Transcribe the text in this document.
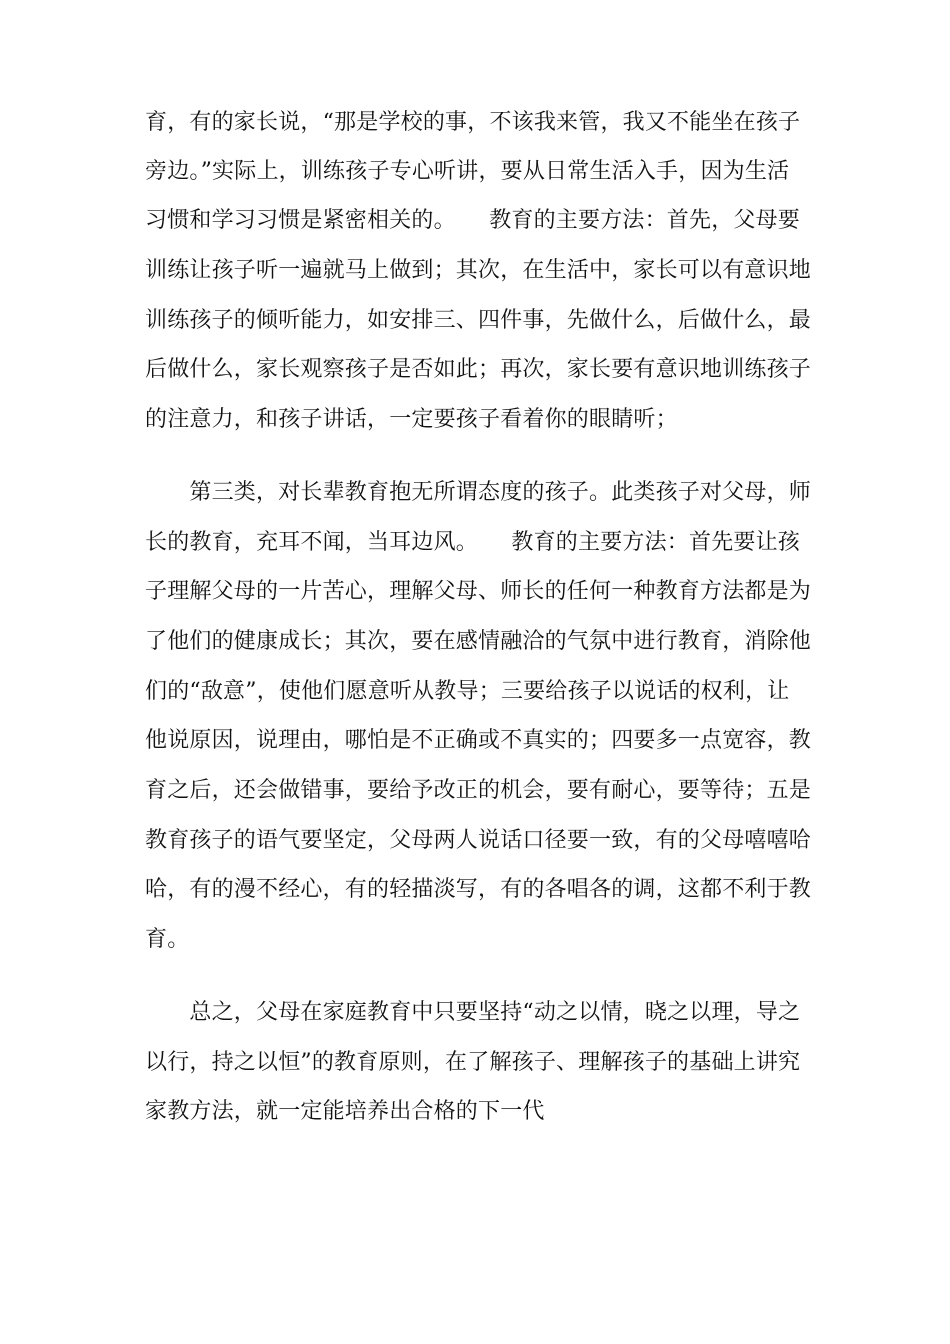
育，有的家长说，“那是学校的事，不该我来管，我又不能坐在孩子
旁边。”实际上，训练孩子专心听讲，要从日常生活入手，因为生活
习惯和学习习惯是紧密相关的。　　教育的主要方法：首先，父母要
训练让孩子听一遍就马上做到；其次，在生活中，家长可以有意识地
训练孩子的倾听能力，如安排三、四件事，先做什么，后做什么，最
后做什么，家长观察孩子是否如此；再次，家长要有意识地训练孩子
的注意力，和孩子讲话，一定要孩子看着你的眼睛听；
　　第三类，对长辈教育抱无所谓态度的孩子。此类孩子对父母，师
长的教育，充耳不闻，当耳边风。　　教育的主要方法：首先要让孩
子理解父母的一片苦心，理解父母、师长的任何一种教育方法都是为
了他们的健康成长；其次，要在感情融洽的气氛中进行教育，消除他
们的“敌意”，使他们愿意听从教导；三要给孩子以说话的权利，让
他说原因，说理由，哪怕是不正确或不真实的；四要多一点宽容，教
育之后，还会做错事，要给予改正的机会，要有耐心，要等待；五是
教育孩子的语气要坚定，父母两人说话口径要一致，有的父母嘻嘻哈
哈，有的漫不经心，有的轻描淡写，有的各唱各的调，这都不利于教
育。
　　总之，父母在家庭教育中只要坚持“动之以情，晓之以理，导之
以行，持之以恒”的教育原则，在了解孩子、理解孩子的基础上讲究
家教方法，就一定能培养出合格的下一代
